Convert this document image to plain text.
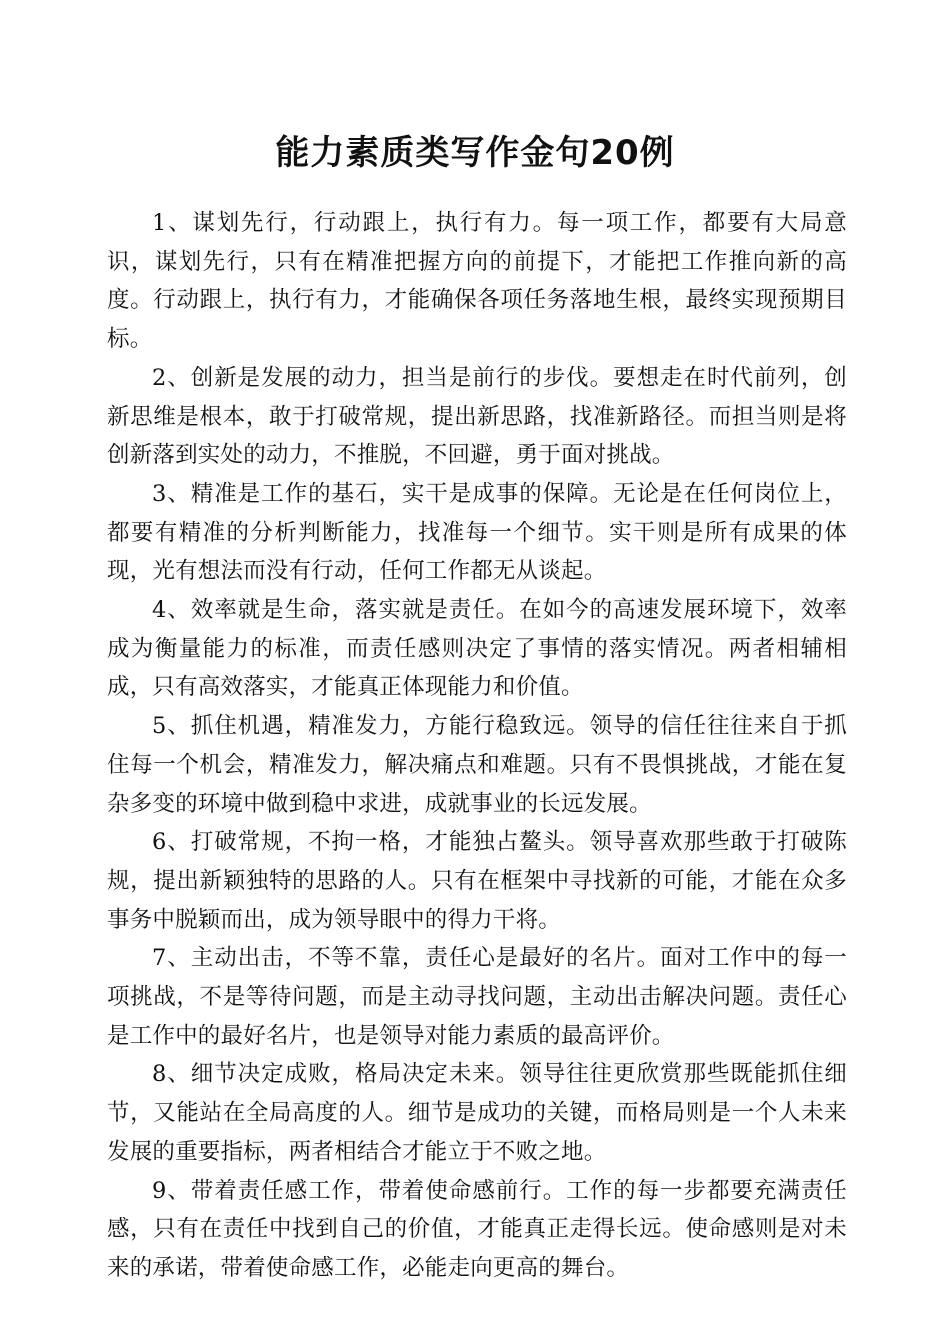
能力素质类写作金句20例

1、谋划先行，行动跟上，执行有力。每一项工作，都要有大局意识，谋划先行，只有在精准把握方向的前提下，才能把工作推向新的高度。行动跟上，执行有力，才能确保各项任务落地生根，最终实现预期目标。

2、创新是发展的动力，担当是前行的步伐。要想走在时代前列，创新思维是根本，敢于打破常规，提出新思路，找准新路径。而担当则是将创新落到实处的动力，不推脱，不回避，勇于面对挑战。

3、精准是工作的基石，实干是成事的保障。无论是在任何岗位上，都要有精准的分析判断能力，找准每一个细节。实干则是所有成果的体现，光有想法而没有行动，任何工作都无从谈起。

4、效率就是生命，落实就是责任。在如今的高速发展环境下，效率成为衡量能力的标准，而责任感则决定了事情的落实情况。两者相辅相成，只有高效落实，才能真正体现能力和价值。

5、抓住机遇，精准发力，方能行稳致远。领导的信任往往来自于抓住每一个机会，精准发力，解决痛点和难题。只有不畏惧挑战，才能在复杂多变的环境中做到稳中求进，成就事业的长远发展。

6、打破常规，不拘一格，才能独占鳌头。领导喜欢那些敢于打破陈规，提出新颖独特的思路的人。只有在框架中寻找新的可能，才能在众多事务中脱颖而出，成为领导眼中的得力干将。

7、主动出击，不等不靠，责任心是最好的名片。面对工作中的每一项挑战，不是等待问题，而是主动寻找问题，主动出击解决问题。责任心是工作中的最好名片，也是领导对能力素质的最高评价。

8、细节决定成败，格局决定未来。领导往往更欣赏那些既能抓住细节，又能站在全局高度的人。细节是成功的关键，而格局则是一个人未来发展的重要指标，两者相结合才能立于不败之地。

9、带着责任感工作，带着使命感前行。工作的每一步都要充满责任感，只有在责任中找到自己的价值，才能真正走得长远。使命感则是对未来的承诺，带着使命感工作，必能走向更高的舞台。
